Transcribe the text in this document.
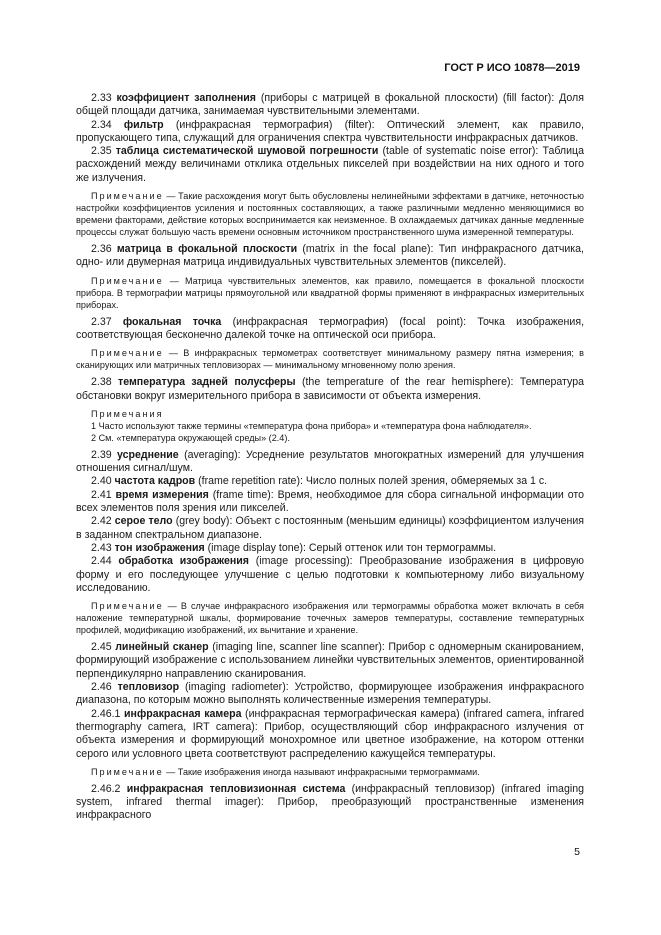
ГОСТ Р ИСО 10878—2019

2.33 коэффициент заполнения (приборы с матрицей в фокальной плоскости) (fill factor): Доля общей площади датчика, занимаемая чувствительными элементами.

2.34 фильтр (инфракрасная термография) (filter): Оптический элемент, как правило, пропускающего типа, служащий для ограничения спектра чувствительности инфракрасных датчиков.

2.35 таблица систематической шумовой погрешности (table of systematic noise error): Таблица расхождений между величинами отклика отдельных пикселей при воздействии на них одного и того же излучения.

Примечание — Такие расхождения могут быть обусловлены нелинейными эффектами в датчике, неточностью настройки коэффициентов усиления и постоянных составляющих, а также различными медленно меняющимися во времени факторами, действие которых воспринимается как неизменное. В охлаждаемых датчиках данные медленные процессы служат большую часть времени основным источником пространственного шума измеренной температуры.

2.36 матрица в фокальной плоскости (matrix in the focal plane): Тип инфракрасного датчика, одно- или двумерная матрица индивидуальных чувствительных элементов (пикселей).

Примечание — Матрица чувствительных элементов, как правило, помещается в фокальной плоскости прибора. В термографии матрицы прямоугольной или квадратной формы применяют в инфракрасных измерительных приборах.

2.37 фокальная точка (инфракрасная термография) (focal point): Точка изображения, соответствующая бесконечно далекой точке на оптической оси прибора.

Примечание — В инфракрасных термометрах соответствует минимальному размеру пятна измерения; в сканирующих или матричных тепловизорах — минимальному мгновенному полю зрения.

2.38 температура задней полусферы (the temperature of the rear hemisphere): Температура обстановки вокруг измерительного прибора в зависимости от объекта измерения.

Примечания

1 Часто используют также термины «температура фона прибора» и «температура фона наблюдателя».

2 См. «температура окружающей среды» (2.4).

2.39 усреднение (averaging): Усреднение результатов многократных измерений для улучшения отношения сигнал/шум.

2.40 частота кадров (frame repetition rate): Число полных полей зрения, обмеряемых за 1 с.

2.41 время измерения (frame time): Время, необходимое для сбора сигнальной информации ото всех элементов поля зрения или пикселей.

2.42 серое тело (grey body): Объект с постоянным (меньшим единицы) коэффициентом излучения в заданном спектральном диапазоне.

2.43 тон изображения (image display tone): Серый оттенок или тон термограммы.

2.44 обработка изображения (image processing): Преобразование изображения в цифровую форму и его последующее улучшение с целью подготовки к компьютерному либо визуальному исследованию.

Примечание — В случае инфракрасного изображения или термограммы обработка может включать в себя наложение температурной шкалы, формирование точечных замеров температуры, составление температурных профилей, модификацию изображений, их вычитание и хранение.

2.45 линейный сканер (imaging line, scanner line scanner): Прибор с одномерным сканированием, формирующий изображение с использованием линейки чувствительных элементов, ориентированной перпендикулярно направлению сканирования.

2.46 тепловизор (imaging radiometer): Устройство, формирующее изображения инфракрасного диапазона, по которым можно выполнять количественные измерения температуры.

2.46.1 инфракрасная камера (инфракрасная термографическая камера) (infrared camera, infrared thermography camera, IRT camera): Прибор, осуществляющий сбор инфракрасного излучения от объекта измерения и формирующий монохромное или цветное изображение, на котором оттенки серого или условного цвета соответствуют распределению кажущейся температуры.

Примечание — Такие изображения иногда называют инфракрасными термограммами.

2.46.2 инфракрасная тепловизионная система (инфракрасный тепловизор) (infrared imaging system, infrared thermal imager): Прибор, преобразующий пространственные изменения инфракрасного

5
